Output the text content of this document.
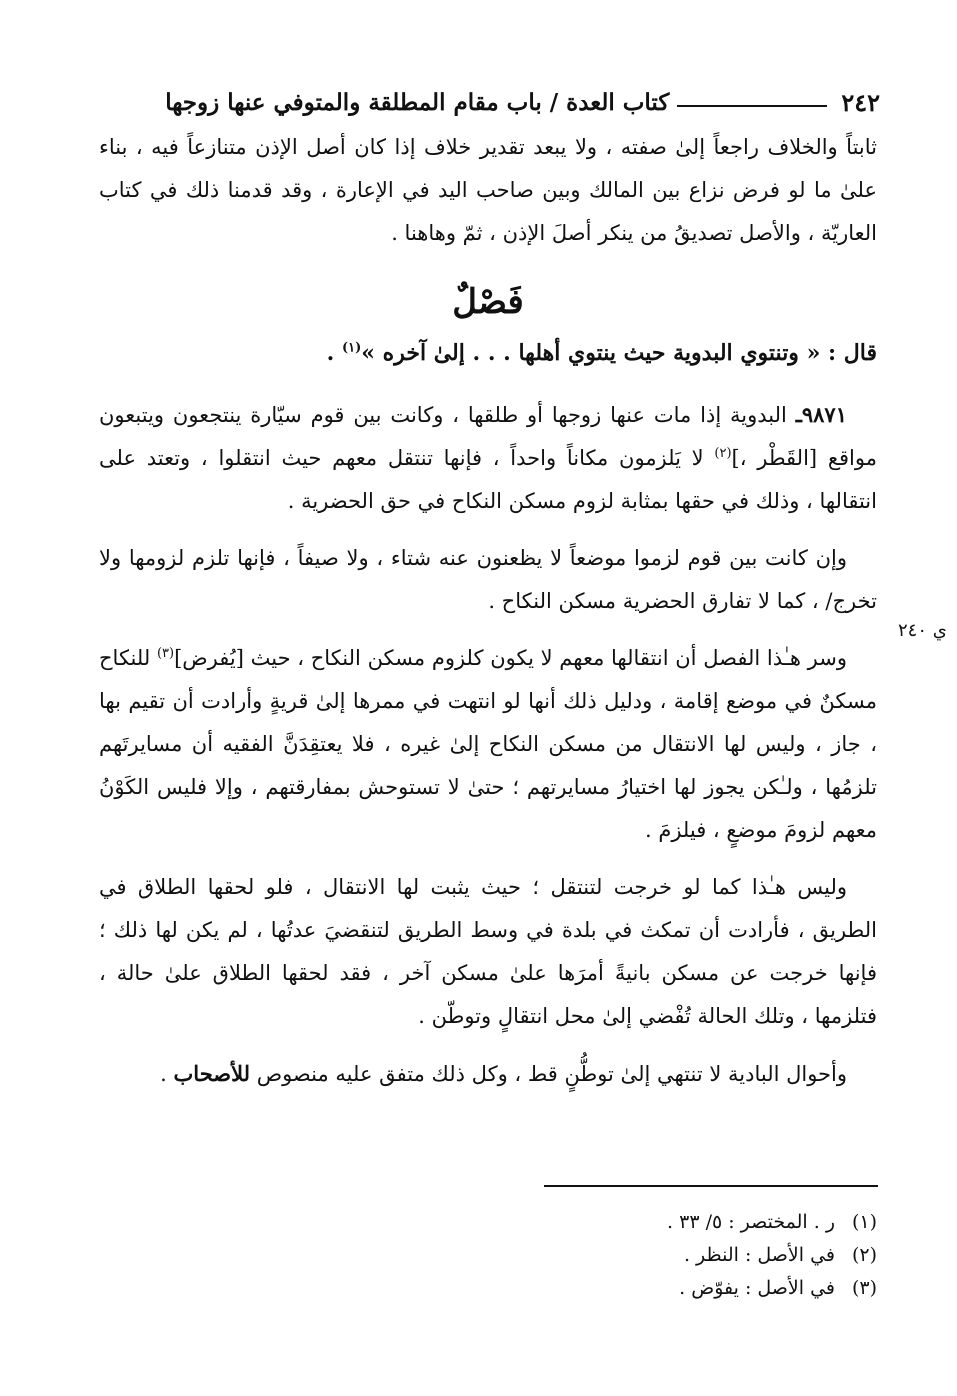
٢٤٢
كتاب العدة / باب مقام المطلقة والمتوفي عنها زوجها

ثابتاً والخلاف راجعاً إلىٰ صفته ، ولا يبعد تقدير خلاف إذا كان أصل الإذن متنازعاً فيه ، بناء علىٰ ما لو فرض نزاع بين المالك وبين صاحب اليد في الإعارة ، وقد قدمنا ذلك في كتاب العاريّة ، والأصل تصديقُ من ينكر أصلَ الإذن ، ثمّ وهاهنا .

فَصْلٌ

قال : « وتنتوي البدوية حيث ينتوي أهلها . . . إلىٰ آخره »$^{(١)}$ .

٩٨٧١ـ البدوية إذا مات عنها زوجها أو طلقها ، وكانت بين قوم سيّارة ينتجعون ويتبعون مواقع [القَطْر ،]$^{(٢)}$ لا يَلزمون مكاناً واحداً ، فإنها تنتقل معهم حيث انتقلوا ، وتعتد على انتقالها ، وذلك في حقها بمثابة لزوم مسكن النكاح في حق الحضرية .

وإن كانت بين قوم لزموا موضعاً لا يظعنون عنه شتاء ، ولا صيفاً ، فإنها تلزم لزومها ولا تخرج/ ، كما لا تفارق الحضرية مسكن النكاح .

وسر هـٰذا الفصل أن انتقالها معهم لا يكون كلزوم مسكن النكاح ، حيث [يُفرض]$^{(٣)}$ للنكاح مسكنٌ في موضع إقامة ، ودليل ذلك أنها لو انتهت في ممرها إلىٰ قريةٍ وأرادت أن تقيم بها ، جاز ، وليس لها الانتقال من مسكن النكاح إلىٰ غيره ، فلا يعتقِدَنَّ الفقيه أن مسايرتَهم تلزمُها ، ولـٰكن يجوز لها اختيارُ مسايرتهم ؛ حتىٰ لا تستوحش بمفارقتهم ، وإلا فليس الكَوْنُ معهم لزومَ موضعٍ ، فيلزمَ .

وليس هـٰذا كما لو خرجت لتنتقل ؛ حيث يثبت لها الانتقال ، فلو لحقها الطلاق في الطريق ، فأرادت أن تمكث في بلدة في وسط الطريق لتنقضيَ عدتُها ، لم يكن لها ذلك ؛ فإنها خرجت عن مسكن بانيةً أمرَها علىٰ مسكن آخر ، فقد لحقها الطلاق علىٰ حالة ، فتلزمها ، وتلك الحالة تُفْضي إلىٰ محل انتقالٍ وتوطّن .

وأحوال البادية لا تنتهي إلىٰ توطُّنٍ قط ، وكل ذلك متفق عليه منصوص للأصحاب .

ي ٢٤٠
(١)ر . المختصر : ٥/ ٣٣ .
(٢)في الأصل : النظر .
(٣)في الأصل : يفوّض .
